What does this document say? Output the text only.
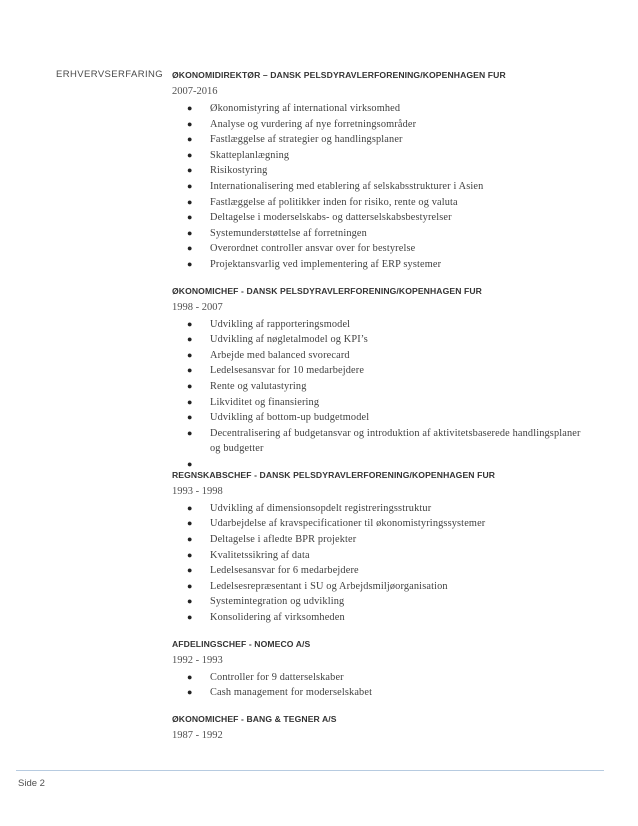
ERHVERVSERFARING ØKONOMIDIREKTØR – DANSK PELSDYRAVLERFORENING/KOPENHAGEN FUR
2007-2016
●	Økonomistyring af international virksomhed
●	Analyse og vurdering af nye forretningsområder
●	Fastlæggelse af strategier og handlingsplaner
●	Skatteplanlægning
●	Risikostyring
●	Internationalisering med etablering af selskabsstrukturer i Asien
●	Fastlæggelse af politikker inden for risiko, rente og valuta
●	Deltagelse i moderselskabs- og datterselskabsbestyrelser
●	Systemunderstøttelse af forretningen
●	Overordnet controller ansvar over for bestyrelse
●	Projektansvarlig ved implementering af ERP systemer
ØKONOMICHEF - DANSK PELSDYRAVLERFORENING/KOPENHAGEN FUR
1998 - 2007
●	Udvikling af rapporteringsmodel
●	Udvikling af nøgletalmodel og KPI’s
●	Arbejde med balanced svorecard
●	Ledelsesansvar for 10 medarbejdere
●	Rente og valutastyring
●	Likviditet og finansiering
●	Udvikling af bottom-up budgetmodel
●	Decentralisering af budgetansvar og introduktion af aktivitetsbaserede handlingsplaner og budgetter
●
REGNSKABSCHEF - DANSK PELSDYRAVLERFORENING/KOPENHAGEN FUR
1993 - 1998
●	Udvikling af dimensionsopdelt registreringsstruktur
●	Udarbejdelse af kravspecificationer til økonomistyringssystemer
●	Deltagelse i afledte BPR projekter
●	Kvalitetssikring af data
●	Ledelsesansvar for 6 medarbejdere
●	Ledelsesrepræsentant i SU og Arbejdsmiljøorganisation
●	Systemintegration og udvikling
●	Konsolidering af virksomheden
AFDELINGSCHEF - NOMECO A/S
1992 - 1993
●	Controller for 9 datterselskaber
●	Cash management for moderselskabet
ØKONOMICHEF - BANG & TEGNER A/S
1987 - 1992
Side 2
